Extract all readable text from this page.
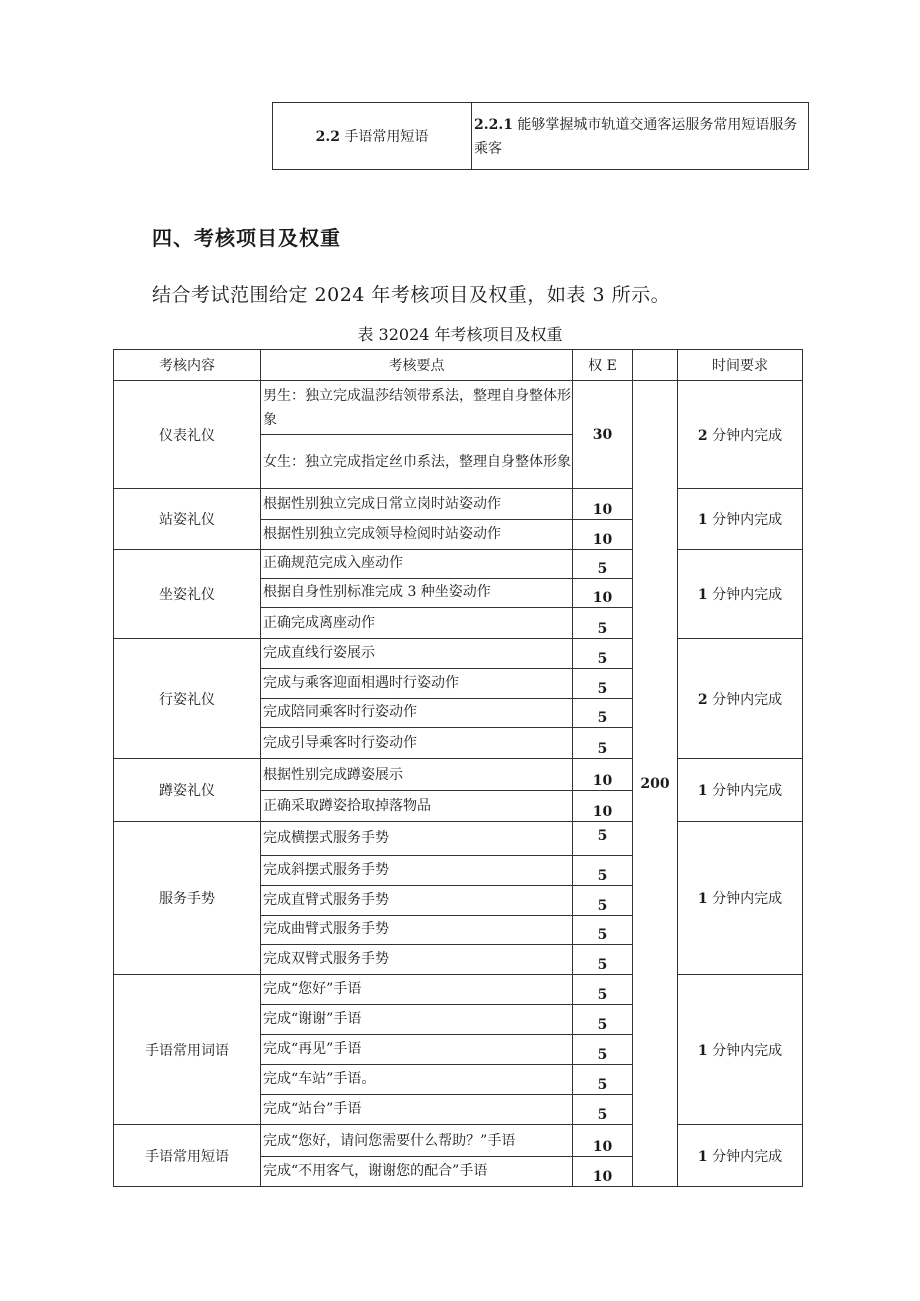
2.2 手语常用短语	2.2.1 能够掌握城市轨道交通客运服务常用短语服务乘客
四、考核项目及权重

结合考试范围给定 2024 年考核项目及权重，如表 3 所示。

表 32024 年考核项目及权重

考核内容	考核要点	权 E		时间要求
仪表礼仪	男生：独立完成温莎结领带系法，整理自身整体形象	30	200	2 分钟内完成
	女生：独立完成指定丝巾系法，整理自身整体形象			
站姿礼仪	根据性别独立完成日常立岗时站姿动作	10		1 分钟内完成
	根据性别独立完成领导检阅时站姿动作	10		
坐姿礼仪	正确规范完成入座动作	5		1 分钟内完成
	根据自身性别标准完成 3 种坐姿动作	10		
	正确完成离座动作	5		
行姿礼仪	完成直线行姿展示	5		2 分钟内完成
	完成与乘客迎面相遇时行姿动作	5		
	完成陪同乘客时行姿动作	5		
	完成引导乘客时行姿动作	5		
蹲姿礼仪	根据性别完成蹲姿展示	10		1 分钟内完成
	正确采取蹲姿拾取掉落物品	10		
服务手势	完成横摆式服务手势	5		1 分钟内完成
	完成斜摆式服务手势	5		
	完成直臂式服务手势	5		
	完成曲臂式服务手势	5		
	完成双臂式服务手势	5		
手语常用词语	完成“您好”手语	5		1 分钟内完成
	完成“谢谢”手语	5		
	完成“再见”手语	5		
	完成“车站”手语。	5		
	完成“站台”手语	5		
手语常用短语	完成“您好，请问您需要什么帮助？”手语	10		1 分钟内完成
	完成“不用客气，谢谢您的配合”手语	10		
